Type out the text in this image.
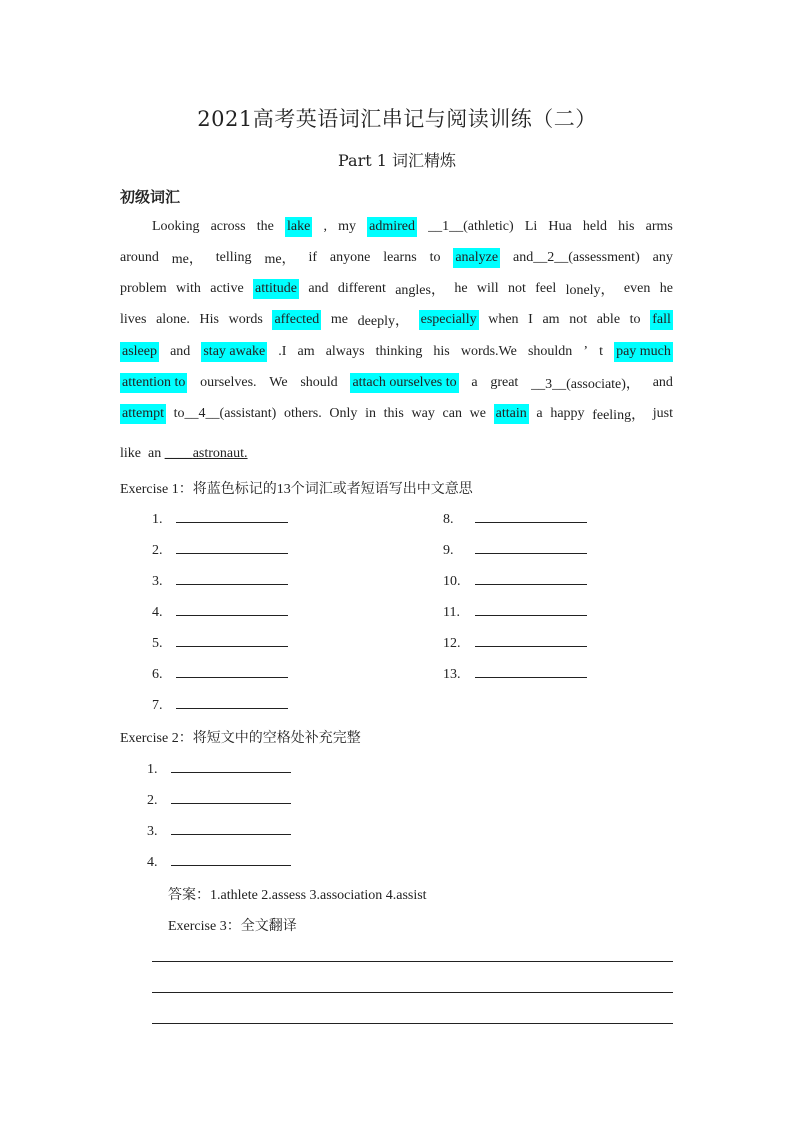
2021高考英语词汇串记与阅读训练（二）
Part 1 词汇精炼
初级词汇
Looking across the lake , my admired __1__(athletic) Li Hua held his arms
around me， telling me， if anyone learns to analyze and__2__(assessment) any
problem with active attitude and different angles， he will not feel lonely， even he
lives alone. His words affected me deeply， especially when I am not able to fall
asleep and stay awake .I am always thinking his words.We shouldn ’ t pay much
attention to ourselves. We should attach ourselves to a great __3__(associate)， and
attempt to__4__(assistant) others. Only in this way can we attain a happy feeling， just
like  an ____astronaut.
Exercise 1：将蓝色标记的13个词汇或者短语写出中文意思
1.
2.
3.
4.
5.
6.
7.
8.
9.
10.
11.
12.
13.
Exercise 2：将短文中的空格处补充完整
1.
2.
3.
4.
答案：1.athlete 2.assess 3.association 4.assist
Exercise 3：全文翻译
